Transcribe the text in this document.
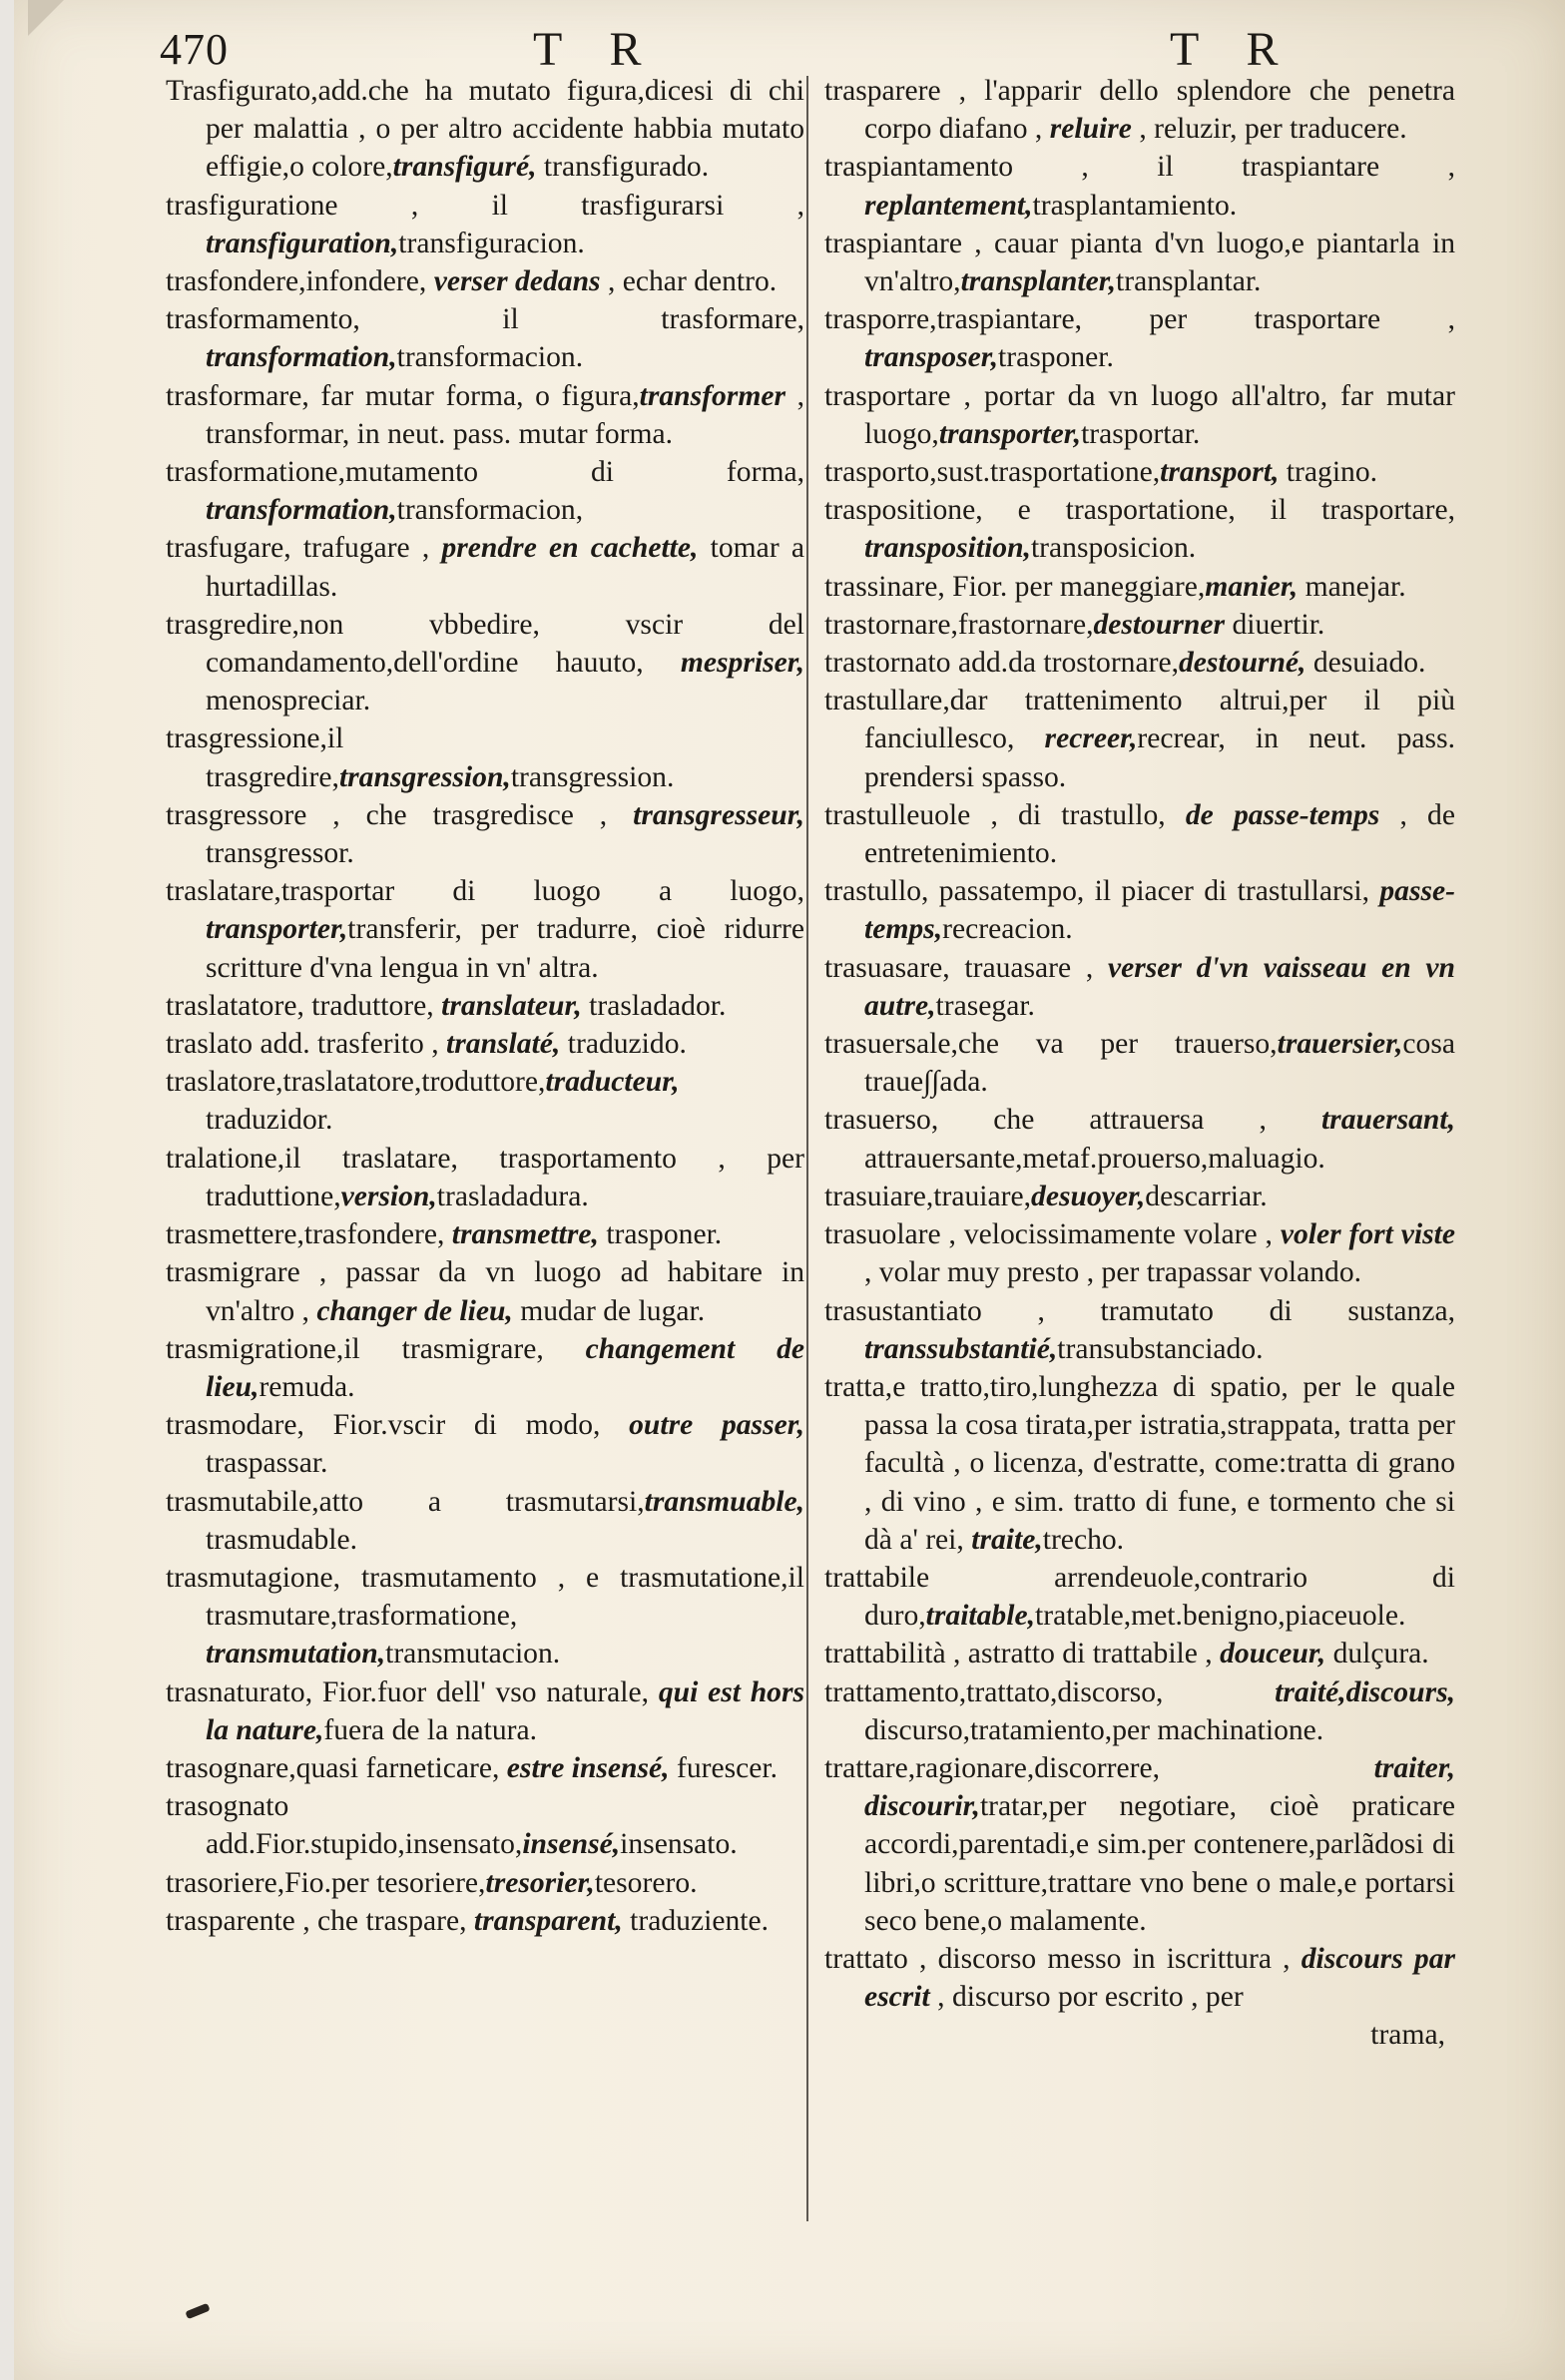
470	T R	T R

Trasfigurato,add.che ha mutato figura,dicesi di chi per malattia , o per altro accidente habbia mutato effigie,o colore,transfiguré, transfigurado.

trasfiguratione , il trasfigurarsi , transfiguration,transfiguracion.

trasfondere,infondere, verser dedans , echar dentro.

trasformamento, il trasformare, transformation,transformacion.

trasformare, far mutar forma, o figura,transformer , transformar, in neut. pass. mutar forma.

trasformatione,mutamento di forma, transformation,transformacion,

trasfugare, trafugare , prendre en cachette, tomar a hurtadillas.

trasgredire,non vbbedire, vscir del comandamento,dell'ordine hauuto, mespriser, menospreciar.

trasgressione,il trasgredire,transgression,transgression.

trasgressore , che trasgredisce , transgresseur, transgressor.

traslatare,trasportar di luogo a luogo, transporter,transferir, per tradurre, cioè ridurre scritture d'vna lengua in vn' altra.

traslatatore, traduttore, translateur, trasladador.

traslato add. trasferito , translaté, traduzido.

traslatore,traslatatore,troduttore,traducteur, traduzidor.

tralatione,il traslatare, trasportamento , per traduttione,version,trasladadura.

trasmettere,trasfondere, transmettre, trasponer.

trasmigrare , passar da vn luogo ad habitare in vn'altro , changer de lieu, mudar de lugar.

trasmigratione,il trasmigrare, changement de lieu,remuda.

trasmodare, Fior.vscir di modo, outre passer, traspassar.

trasmutabile,atto a trasmutarsi,transmuable, trasmudable.

trasmutagione, trasmutamento , e trasmutatione,il trasmutare,trasformatione, transmutation,transmutacion.

trasnaturato, Fior.fuor dell' vso naturale, qui est hors la nature,fuera de la natura.

trasognare,quasi farneticare, estre insensé, furescer.

trasognato add.Fior.stupido,insensato,insensé,insensato.

trasoriere,Fio.per tesoriere,tresorier,tesorero.

trasparente , che traspare, transparent, traduziente.

trasparere , l'apparir dello splendore che penetra corpo diafano , reluire , reluzir, per traducere.

traspiantamento , il traspiantare , replantement,trasplantamiento.

traspiantare , cauar pianta d'vn luogo,e piantarla in vn'altro,transplanter,transplantar.

trasporre,traspiantare, per trasportare , transposer,trasponer.

trasportare , portar da vn luogo all'altro, far mutar luogo,transporter,trasportar.

trasporto,sust.trasportatione,transport, tragino.

traspositione, e trasportatione, il trasportare, transposition,transposicion.

trassinare, Fior. per maneggiare,manier, manejar.

trastornare,frastornare,destourner diuertir.

trastornato add.da trostornare,destourné, desuiado.

trastullare,dar trattenimento altrui,per il più fanciullesco, recreer,recrear, in neut. pass. prendersi spasso.

trastulleuole , di trastullo, de passe-temps , de entretenimiento.

trastullo, passatempo, il piacer di trastullarsi, passe-temps,recreacion.

trasuasare, trauasare , verser d'vn vaisseau en vn autre,trasegar.

trasuersale,che va per trauerso,trauersier,cosa traue∫∫ada.

trasuerso, che attrauersa , trauersant, attrauersante,metaf.prouerso,maluagio.

trasuiare,trauiare,desuoyer,descarriar.

trasuolare , velocissimamente volare , voler fort viste , volar muy presto , per trapassar volando.

trasustantiato , tramutato di sustanza, transsubstantié,transubstanciado.

tratta,e tratto,tiro,lunghezza di spatio, per le quale passa la cosa tirata,per istratia,strappata, tratta per facultà , o licenza, d'estratte, come:tratta di grano , di vino , e sim. tratto di fune, e tormento che si dà a' rei, traite,trecho.

trattabile arrendeuole,contrario di duro,traitable,tratable,met.benigno,piaceuole.

trattabilità , astratto di trattabile , douceur, dulçura.

trattamento,trattato,discorso, traité,discours, discurso,tratamiento,per machinatione.

trattare,ragionare,discorrere, traiter, discourir,tratar,per negotiare, cioè praticare accordi,parentadi,e sim.per contenere,parlãdosi di libri,o scritture,trattare vno bene o male,e portarsi seco bene,o malamente.

trattato , discorso messo in iscrittura , discours par escrit , discurso por escrito , per

trama,
